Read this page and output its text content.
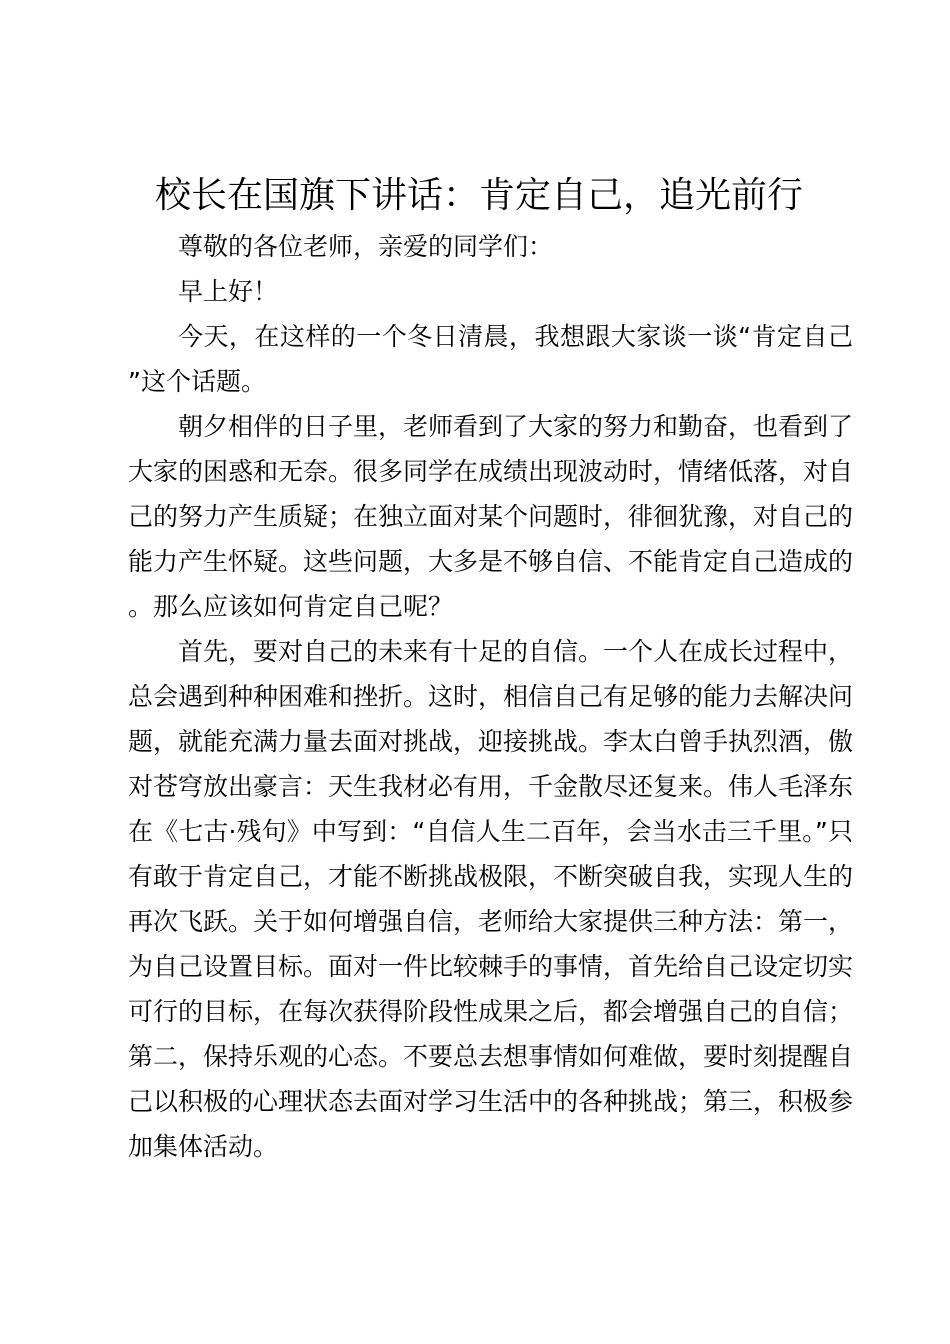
校长在国旗下讲话：肯定自己，追光前行

尊敬的各位老师，亲爱的同学们：

早上好！

今天，在这样的一个冬日清晨，我想跟大家谈一谈“肯定自己”这个话题。

朝夕相伴的日子里，老师看到了大家的努力和勤奋，也看到了大家的困惑和无奈。很多同学在成绩出现波动时，情绪低落，对自己的努力产生质疑；在独立面对某个问题时，徘徊犹豫，对自己的能力产生怀疑。这些问题，大多是不够自信、不能肯定自己造成的。那么应该如何肯定自己呢？

首先，要对自己的未来有十足的自信。一个人在成长过程中，总会遇到种种困难和挫折。这时，相信自己有足够的能力去解决问题，就能充满力量去面对挑战，迎接挑战。李太白曾手执烈酒，傲对苍穹放出豪言：天生我材必有用，千金散尽还复来。伟人毛泽东在《七古·残句》中写到：“自信人生二百年，会当水击三千里。”只有敢于肯定自己，才能不断挑战极限，不断突破自我，实现人生的再次飞跃。关于如何增强自信，老师给大家提供三种方法：第一，为自己设置目标。面对一件比较棘手的事情，首先给自己设定切实可行的目标，在每次获得阶段性成果之后，都会增强自己的自信；第二，保持乐观的心态。不要总去想事情如何难做，要时刻提醒自己以积极的心理状态去面对学习生活中的各种挑战；第三，积极参加集体活动。
